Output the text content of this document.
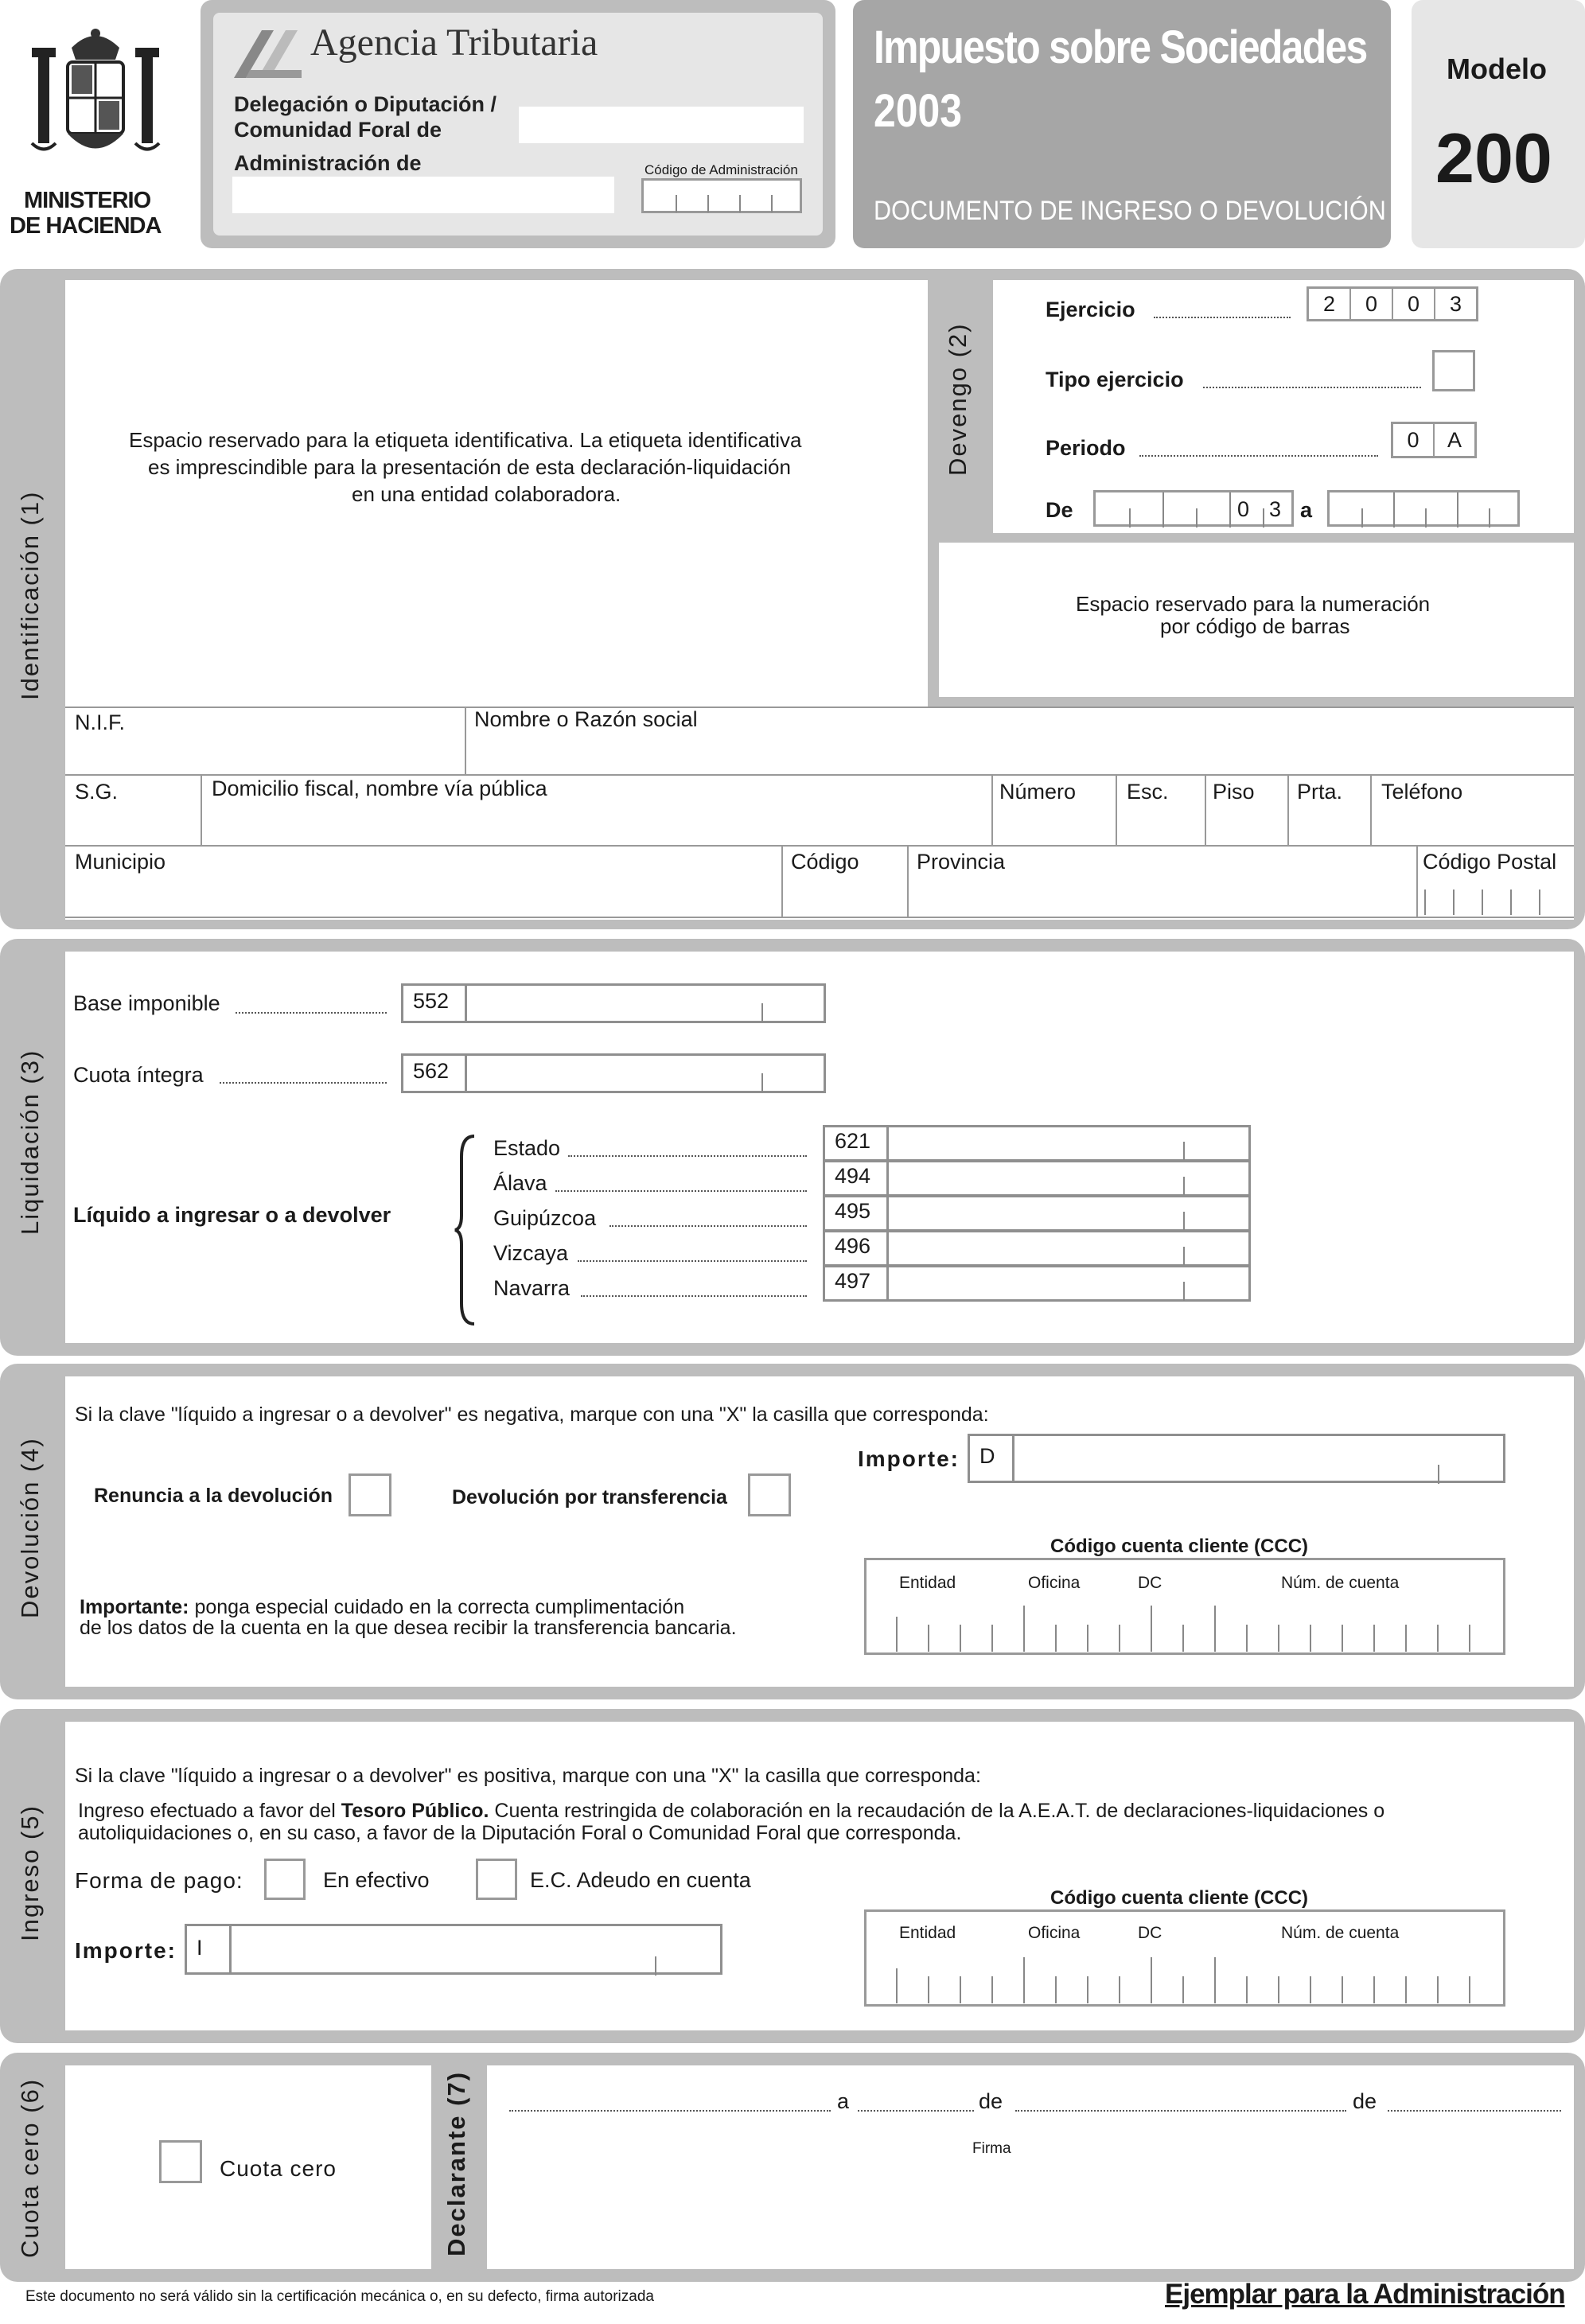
MINISTERIO
DE HACIENDA
Agencia Tributaria
Delegación o Diputación /
Comunidad Foral de
Administración de	Código de Administración
Impuesto sobre Sociedades
2003
DOCUMENTO DE INGRESO O DEVOLUCIÓN
Modelo
200
Identificación (1)
Espacio reservado para la etiqueta identificativa. La etiqueta identificativa
es imprescindible para la presentación de esta declaración-liquidación
en una entidad colaboradora.
Devengo (2)
Ejercicio	2	0	0	3
Tipo ejercicio
Periodo	0	A
De	0 3 a
Espacio reservado para la numeración
por código de barras
N.I.F.	Nombre o Razón social
S.G.	Domicilio fiscal, nombre vía pública	Número Esc. Piso Prta. Teléfono
Municipio	Código	Provincia	Código Postal
Liquidación (3)
Base imponible	552
Cuota íntegra	562
Líquido a ingresar o a devolver
Estado	621
Álava	494
Guipúzcoa	495
Vizcaya	496
Navarra	497
Devolución (4)
Si la clave "líquido a ingresar o a devolver" es negativa, marque con una "X" la casilla que corresponda:
Renuncia a la devolución	Devolución por transferencia
Importe: D
Código cuenta cliente (CCC)
Entidad	Oficina	DC	Núm. de cuenta
Importante: ponga especial cuidado en la correcta cumplimentación
de los datos de la cuenta en la que desea recibir la transferencia bancaria.
Ingreso (5)
Si la clave "líquido a ingresar o a devolver" es positiva, marque con una "X" la casilla que corresponda:
Ingreso efectuado a favor del Tesoro Público. Cuenta restringida de colaboración en la recaudación de la A.E.A.T. de declaraciones-liquidaciones o
autoliquidaciones o, en su caso, a favor de la Diputación Foral o Comunidad Foral que corresponda.
Forma de pago:	En efectivo	E.C. Adeudo en cuenta
Importe: I
Código cuenta cliente (CCC)
Entidad	Oficina	DC	Núm. de cuenta
Cuota cero (6)	Cuota cero	Declarante (7)	a	de	de
Firma
Este documento no será válido sin la certificación mecánica o, en su defecto, firma autorizada	Ejemplar para la Administración
